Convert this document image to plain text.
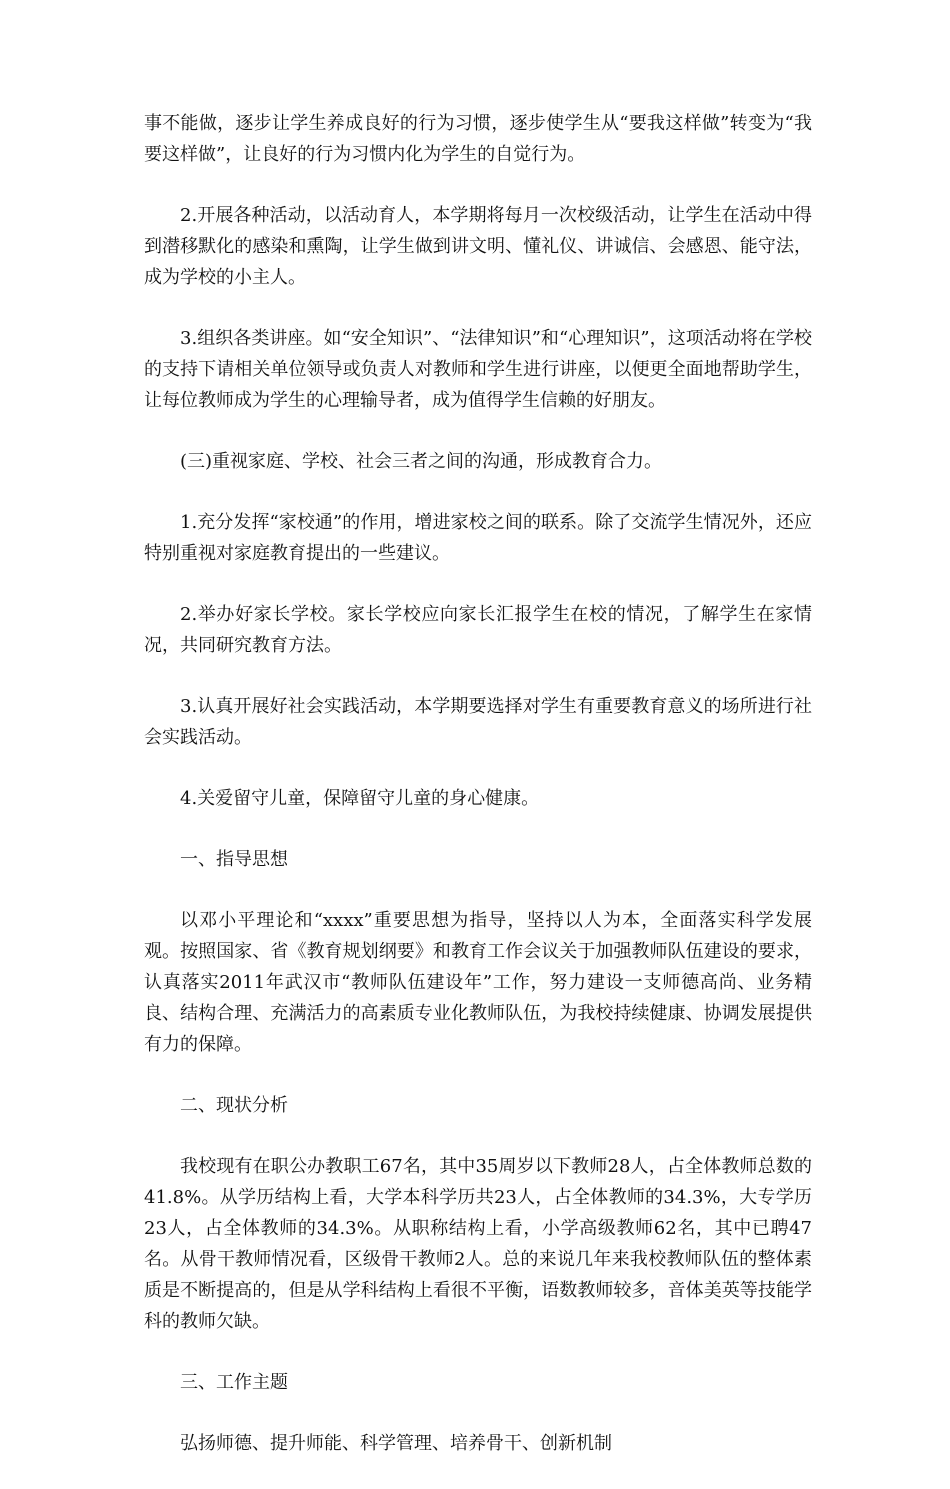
事不能做，逐步让学生养成良好的行为习惯，逐步使学生从“要我这样做”转变为“我要这样做”，让良好的行为习惯内化为学生的自觉行为。

2.开展各种活动，以活动育人，本学期将每月一次校级活动，让学生在活动中得到潜移默化的感染和熏陶，让学生做到讲文明、懂礼仪、讲诚信、会感恩、能守法，成为学校的小主人。

3.组织各类讲座。如“安全知识”、“法律知识”和“心理知识”，这项活动将在学校的支持下请相关单位领导或负责人对教师和学生进行讲座，以便更全面地帮助学生，让每位教师成为学生的心理输导者，成为值得学生信赖的好朋友。

(三)重视家庭、学校、社会三者之间的沟通，形成教育合力。

1.充分发挥“家校通”的作用，增进家校之间的联系。除了交流学生情况外，还应特别重视对家庭教育提出的一些建议。

2.举办好家长学校。家长学校应向家长汇报学生在校的情况，了解学生在家情况，共同研究教育方法。

3.认真开展好社会实践活动，本学期要选择对学生有重要教育意义的场所进行社会实践活动。

4.关爱留守儿童，保障留守儿童的身心健康。

一、指导思想

以邓小平理论和“xxxx”重要思想为指导，坚持以人为本，全面落实科学发展观。按照国家、省《教育规划纲要》和教育工作会议关于加强教师队伍建设的要求，认真落实2011年武汉市“教师队伍建设年”工作，努力建设一支师德高尚、业务精良、结构合理、充满活力的高素质专业化教师队伍，为我校持续健康、协调发展提供有力的保障。

二、现状分析

我校现有在职公办教职工67名，其中35周岁以下教师28人，占全体教师总数的41.8%。从学历结构上看，大学本科学历共23人，占全体教师的34.3%，大专学历23人，占全体教师的34.3%。从职称结构上看，小学高级教师62名，其中已聘47名。从骨干教师情况看，区级骨干教师2人。总的来说几年来我校教师队伍的整体素质是不断提高的，但是从学科结构上看很不平衡，语数教师较多，音体美英等技能学科的教师欠缺。

三、工作主题

弘扬师德、提升师能、科学管理、培养骨干、创新机制
